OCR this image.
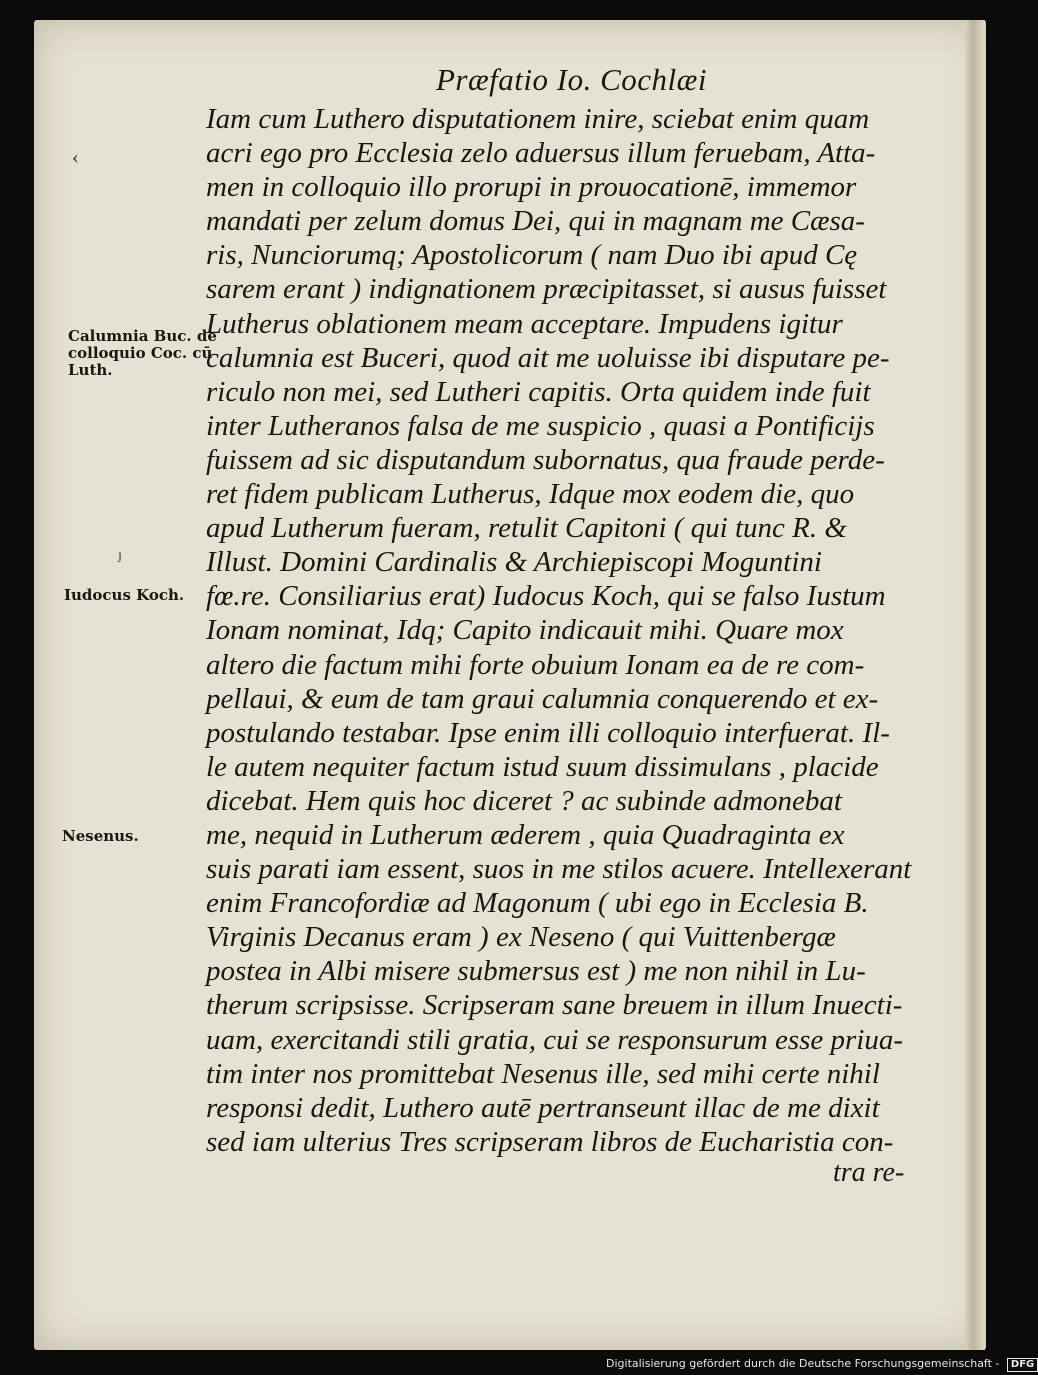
Præfatio Io. Cochlæi
‹
ȷ
Calumnia Buc. de
colloquio Coc. cū
Luth.
Iudocus Koch.
Nesenus.
Iam cum Luthero disputationem inire, sciebat enim quam
acri ego pro Ecclesia zelo aduersus illum feruebam, Atta-
men in colloquio illo prorupi in prouocationē, immemor
mandati per zelum domus Dei, qui in magnam me Cæsa-
ris, Nunciorumq; Apostolicorum ( nam Duo ibi apud Cę
sarem erant ) indignationem præcipitasset, si ausus fuisset
Lutherus oblationem meam acceptare. Impudens igitur
calumnia est Buceri, quod ait me uoluisse ibi disputare pe-
riculo non mei, sed Lutheri capitis. Orta quidem inde fuit
inter Lutheranos falsa de me suspicio , quasi a Pontificijs
fuissem ad sic disputandum subornatus, qua fraude perde-
ret fidem publicam Lutherus, Idque mox eodem die, quo
apud Lutherum fueram, retulit Capitoni ( qui tunc R. &
Illust. Domini Cardinalis & Archiepiscopi Moguntini
fœ.re. Consiliarius erat) Iudocus Koch, qui se falso Iustum
Ionam nominat, Idq; Capito indicauit mihi. Quare mox
altero die factum mihi forte obuium Ionam ea de re com-
pellaui, & eum de tam graui calumnia conquerendo et ex-
postulando testabar. Ipse enim illi colloquio interfuerat. Il-
le autem nequiter factum istud suum dissimulans , placide
dicebat. Hem quis hoc diceret ? ac subinde admonebat
me, nequid in Lutherum æderem , quia Quadraginta ex
suis parati iam essent, suos in me stilos acuere. Intellexerant
enim Francofordiæ ad Magonum ( ubi ego in Ecclesia B.
Virginis Decanus eram ) ex Neseno ( qui Vuittenbergæ
postea in Albi misere submersus est ) me non nihil in Lu-
therum scripsisse. Scripseram sane breuem in illum Inuecti-
uam, exercitandi stili gratia, cui se responsurum esse priua-
tim inter nos promittebat Nesenus ille, sed mihi certe nihil
responsi dedit, Luthero autē pertranseunt illac de me dixit
sed iam ulterius Tres scripseram libros de Eucharistia con-
tra re-
Digitalisierung gefördert durch die Deutsche Forschungsgemeinschaft - DFG
